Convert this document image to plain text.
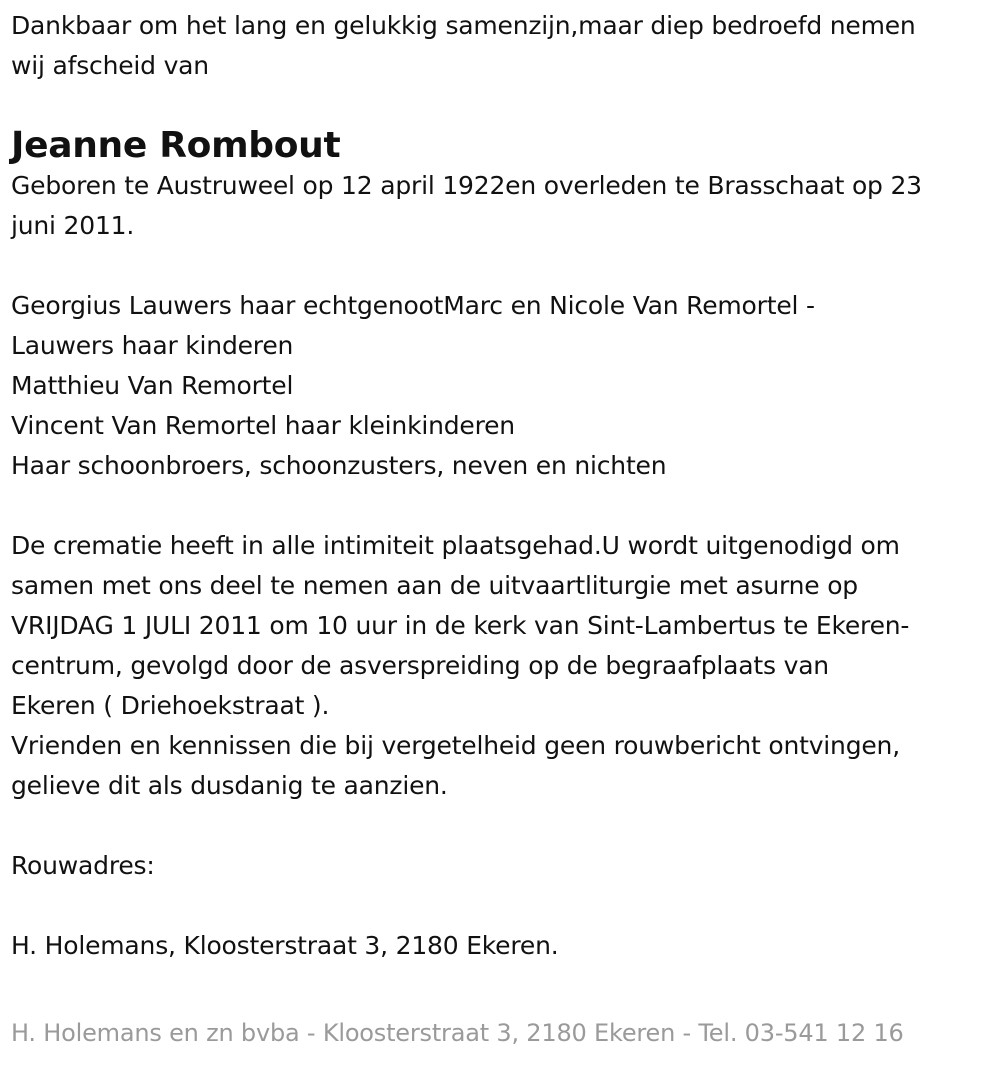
Dankbaar om het lang en gelukkig samenzijn,maar diep bedroefd nemen
wij afscheid van
Jeanne Rombout
Geboren te Austruweel op 12 april 1922en overleden te Brasschaat op 23
juni 2011.
Georgius Lauwers haar echtgenootMarc en Nicole Van Remortel -
Lauwers haar kinderen
Matthieu Van Remortel
Vincent Van Remortel haar kleinkinderen
Haar schoonbroers, schoonzusters, neven en nichten
De crematie heeft in alle intimiteit plaatsgehad.U wordt uitgenodigd om
samen met ons deel te nemen aan de uitvaartliturgie met asurne op
VRIJDAG 1 JULI 2011 om 10 uur in de kerk van Sint-Lambertus te Ekeren-
centrum, gevolgd door de asverspreiding op de begraafplaats van
Ekeren ( Driehoekstraat ).
Vrienden en kennissen die bij vergetelheid geen rouwbericht ontvingen,
gelieve dit als dusdanig te aanzien.
Rouwadres:
H. Holemans, Kloosterstraat 3, 2180 Ekeren.
H. Holemans en zn bvba - Kloosterstraat 3, 2180 Ekeren - Tel. 03-541 12 16
